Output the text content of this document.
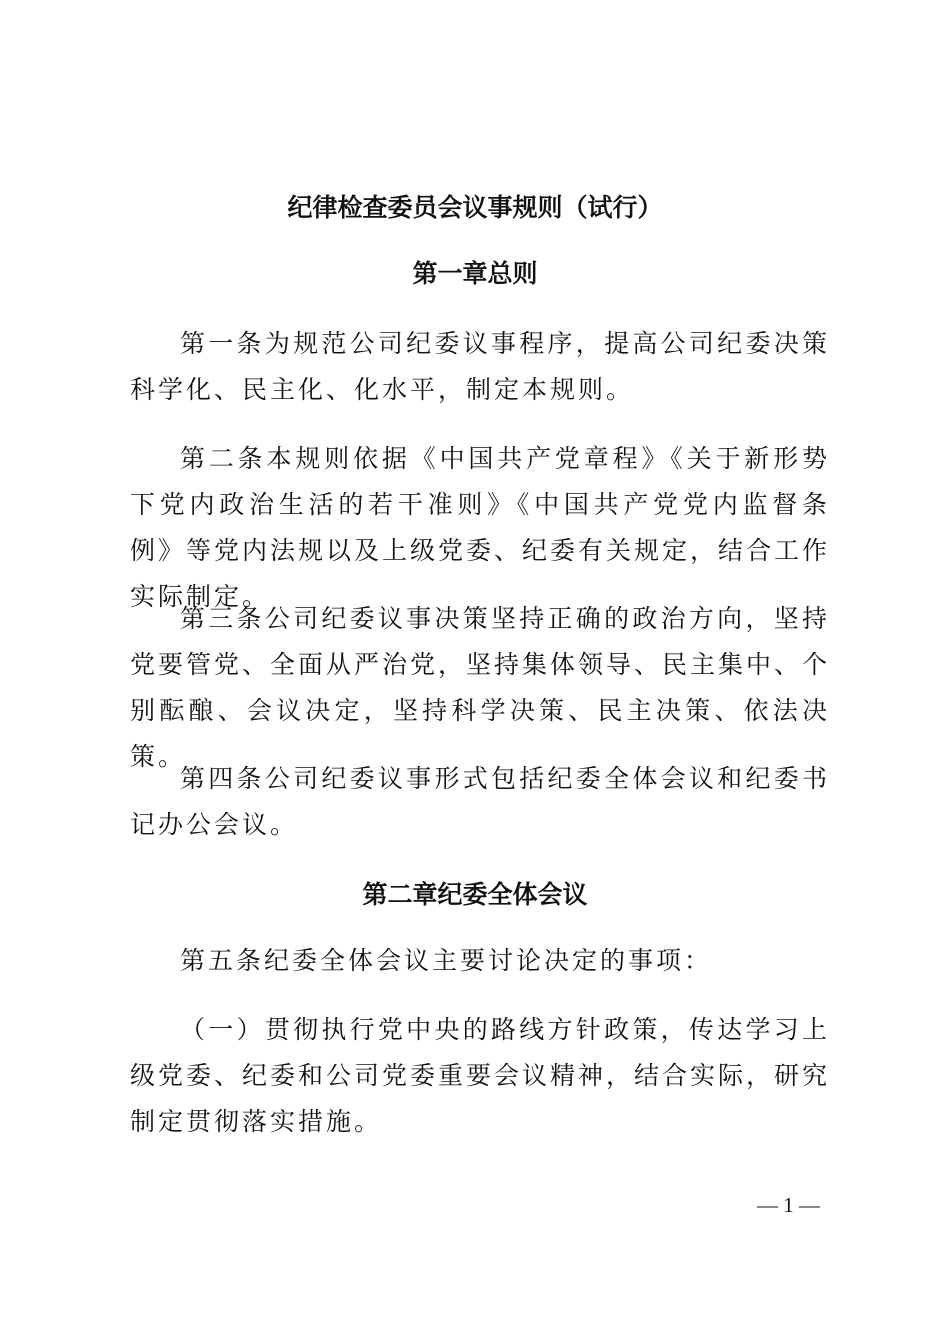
纪律检查委员会议事规则（试行）
第一章总则

第一条为规范公司纪委议事程序，提高公司纪委决策科学化、民主化、化水平，制定本规则。

第二条本规则依据《中国共产党章程》《关于新形势下党内政治生活的若干准则》《中国共产党党内监督条例》等党内法规以及上级党委、纪委有关规定，结合工作实际制定。

第三条公司纪委议事决策坚持正确的政治方向，坚持党要管党、全面从严治党，坚持集体领导、民主集中、个别酝酿、会议决定，坚持科学决策、民主决策、依法决策。

第四条公司纪委议事形式包括纪委全体会议和纪委书记办公会议。

第二章纪委全体会议

第五条纪委全体会议主要讨论决定的事项：

（一）贯彻执行党中央的路线方针政策，传达学习上级党委、纪委和公司党委重要会议精神，结合实际，研究制定贯彻落实措施。

— 1 —
